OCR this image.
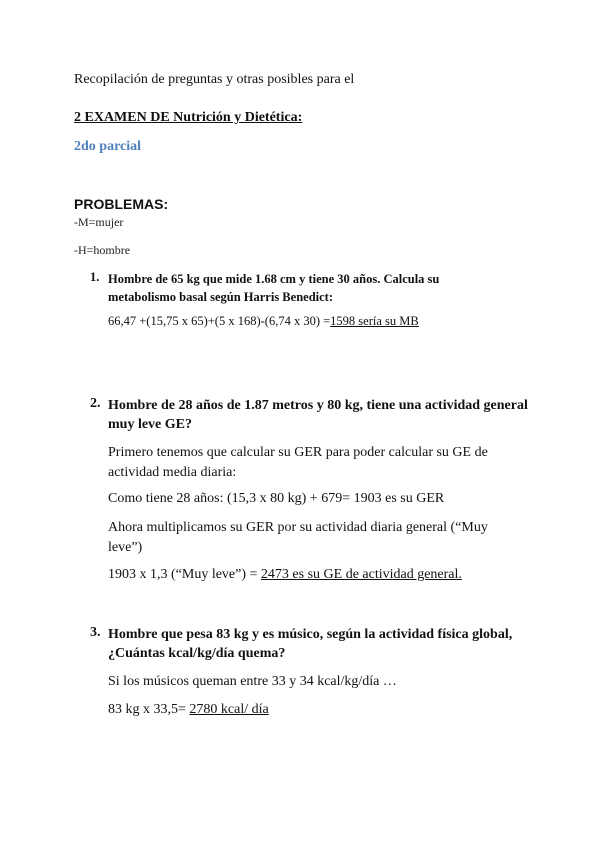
Recopilación de preguntas y otras posibles para el
2 EXAMEN DE Nutrición y Dietética:
2do parcial
PROBLEMAS:
-M=mujer
-H=hombre
1. Hombre de 65 kg que mide 1.68 cm y tiene 30 años. Calcula su metabolismo basal según Harris Benedict:
66,47 +(15,75 x 65)+(5 x 168)-(6,74 x 30) =1598 sería su MB
2. Hombre de 28 años de 1.87 metros y 80 kg, tiene una actividad general muy leve GE?
Primero tenemos que calcular su GER para poder calcular su GE de actividad media diaria:
Como tiene 28 años: (15,3 x 80 kg) + 679= 1903 es su GER
Ahora multiplicamos su GER por su actividad diaria general (“Muy leve”)
1903 x 1,3 (“Muy leve”) = 2473 es su GE de actividad general.
3. Hombre que pesa 83 kg y es músico, según la actividad física global, ¿Cuántas kcal/kg/día quema?
Si los músicos queman entre 33 y 34 kcal/kg/día …
83 kg x 33,5= 2780 kcal/ día
